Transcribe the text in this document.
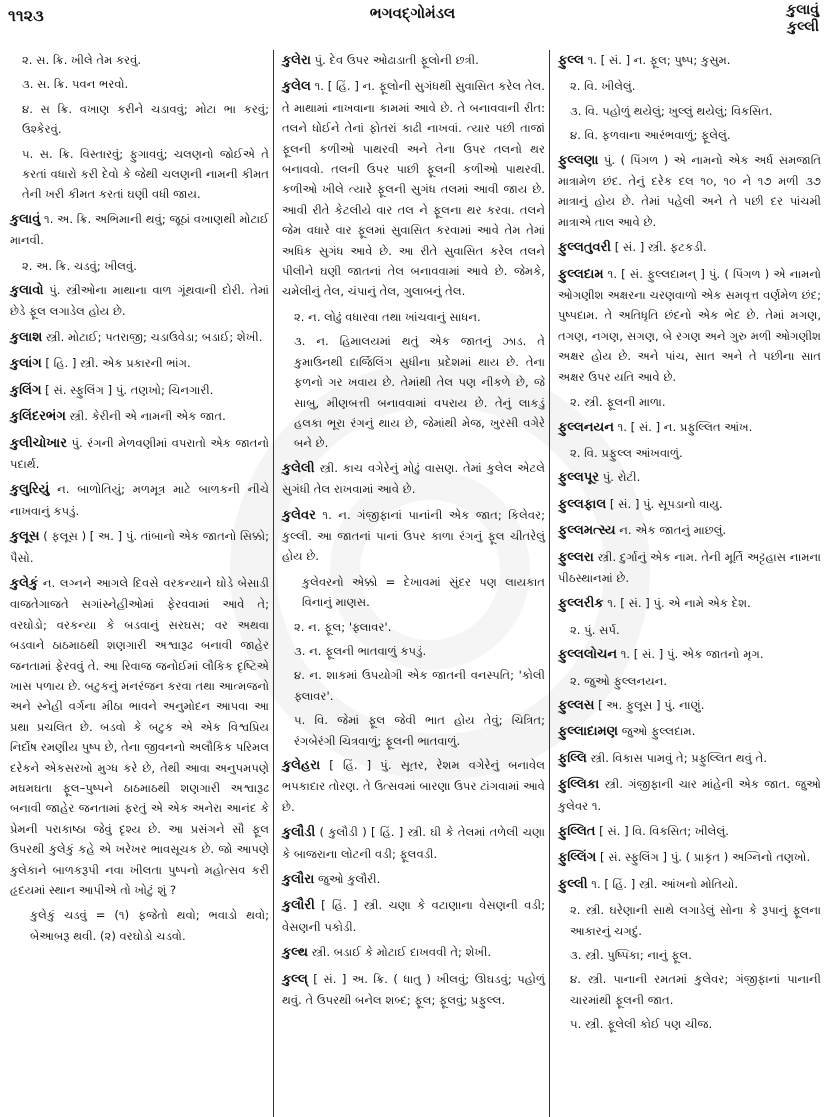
૧૧૨૩	ભગવદ્ગોમંડલ	કુલાવું
કુલ્લી
૨. સ. ક્રિ. ખીલે તેમ કરવું.
૩. સ. ક્રિ. પવન ભરવો.
૪. સ ક્રિ. વખાણ કરીને ચડાવવું; મોટા ભા કરવું; ઉશ્કેરવું.
૫. સ. ક્રિ. વિસ્તારવું; ફુગાવવું; ચલણનો જોઈએ તે કરતાં વધારો કરી દેવો કે જેથી ચલણની નામની કીમત તેની ખરી કીમત કરતાં ઘણી વધી જાય.
કુલાવું ૧. અ. ક્રિ. અભિમાની થવું; જૂઠાં વખાણથી મોટાઈ માનવી.
૨. અ. ક્રિ. ચડવું; ખીલવું.
કુલાવો પું. સ્ત્રીઓના માથાના વાળ ગૂંથવાની દોરી. તેમાં છેડે ફૂલ લગાડેલ હોય છે.
કુલાશ સ્ત્રી. મોટાઈ; પતરાજી; ચડાઉવેડા; બડાઈ; શેખી.
કુલાંગ [ હિ. ] સ્ત્રી. એક પ્રકારની ભાંગ.
કુલિંગ [ સં. સ્ફુલિંગ ] પું. તણખો; ચિનગારી.
કુલિંદરભંગ સ્ત્રી. કેરીની એ નામની એક જાત.
કુલીચોખાર પું. રંગની મેળવણીમાં વપરાતો એક જાતનો પદાર્થ.
કુલુરિયું ન. બાળોતિયું; મળમૂત્ર માટે બાળકની નીચે નાખવાનું કપડું.
કુલૂસ ( ફલૂસ ) [ અ. ] પું. તાંબાનો એક જાતનો સિક્કો; પૈસો.
કુલેકું ન. લગ્નને આગલે દિવસે વરકન્યાને ઘોડે બેસાડી વાજતેગાજતે સગાંસ્નેહીઓમાં ફેરવવામાં આવે તે; વરઘોડો; વરકન્યા કે બડવાનું સરઘસ; વર અથવા બડવાને ઠાઠમાઠથી શણગારી અશ્વારૂઢ બનાવી જાહેર જનતામાં ફેરવવું તે. આ રિવાજ જનોઈમાં લૌકિક દૃષ્ટિએ ખાસ પળાય છે. બટુકનું મનરંજન કરવા તથા આત્મજનો અને સ્નેહી વર્ગના મીઠા ભાવને અનુમોદન આપવા આ પ્રથા પ્રચલિત છે. બડવો કે બટુક એ એક વિશ્વપ્રિય નિર્દોષ રમણીય પુષ્પ છે, તેના જીવનનો અલૌકિક પરિમલ દરેકને એકસરખો મુગ્ધ કરે છે, તેથી આવા અનુપમપણે મઘમઘતા ફૂલ–પુષ્પને ઠાઠમાઠથી શણગારી અશ્વારૂઢ બનાવી જાહેર જનતામાં ફરતું એ એક અનેરા આનંદ કે પ્રેમની પરાકાષ્ઠા જેવું દૃશ્ય છે. આ પ્રસંગને સૌ ફૂલ ઉપરથી કુલેકું કહે એ ખરેખર ભાવસૂચક છે. જો આપણે કુલેકાને બાળકરૂપી નવા ખીલતા પુષ્પનો મહોત્સવ કરી હૃદયમાં સ્થાન આપીએ તો ખોટું શું ?
કુલેકું ચડવું = (૧) ફજેતો થવો; ભવાડો થવો; બેઆબરૂ થવી. (૨) વરઘોડો ચડવો.
કુલેરા પું. દેવ ઉપર ઓઢાડાતી ફૂલોની છત્રી.
કુલેલ ૧. [ હિં. ] ન. ફૂલોની સુગંધથી સુવાસિત કરેલ તેલ. તે માથામાં નાખવાના કામમાં આવે છે. તે બનાવવાની રીત: તલને ધોઈને તેનાં ફોતરાં કાઢી નાખવાં. ત્યાર પછી તાજાં ફૂલની કળીઓ પાથરવી અને તેના ઉપર તલનો થર બનાવવો. તલની ઉપર પાછી ફૂલની કળીઓ પાથરવી. કળીઓ ખીલે ત્યારે ફૂલની સુગંધ તલમાં આવી જાય છે. આવી રીતે કેટલીયે વાર તલ ને ફૂલના થર કરવા. તલને જેમ વધારે વાર ફૂલમાં સુવાસિત કરવામાં આવે તેમ તેમાં અધિક સુગંધ આવે છે. આ રીતે સુવાસિત કરેલ તલને પીલીને ઘણી જાતનાં તેલ બનાવવામાં આવે છે. જેમકે, ચમેલીનું તેલ, ચંપાનું તેલ, ગુલાબનું તેલ.
૨. ન. લોઢું વધારવા તથા ખાંચવાનું સાધન.
૩. ન. હિમાલયમાં થતું એક જાતનું ઝાડ. તે કુમાઉનથી દાર્જિલિંગ સુધીના પ્રદેશમાં થાય છે. તેના ફળનો ગર ખવાય છે. તેમાંથી તેલ પણ નીકળે છે, જે સાબુ, મીણબત્તી બનાવવામાં વપરાય છે. તેનું લાકડું હલકા ભૂરા રંગનું થાય છે, જેમાંથી મેજ, ખુરસી વગેરે બને છે.
કુલેલી સ્ત્રી. કાચ વગેરેનું મોઢું વાસણ. તેમાં કુલેલ એટલે સુગંધી તેલ રાખવામાં આવે છે.
કુલેવર ૧. ન. ગંજીફાનાં પાનાંની એક જાત; કિલેવર; કુલ્લી. આ જાતનાં પાનાં ઉપર કાળા રંગનું ફૂલ ચીતરેલું હોય છે.
કુલેવરનો એક્કો = દેખાવમાં સુંદર પણ લાયકાત વિનાનું માણસ.
૨. ન. ફૂલ; 'ફ્લાવર'.
૩. ન. ફૂલની ભાતવાળું કપડું.
૪. ન. શાકમાં ઉપયોગી એક જાતની વનસ્પતિ; 'કોલી ફ્લાવર'.
૫. વિ. જેમાં ફૂલ જેવી ભાત હોય તેવું; ચિત્રિત; રંગબેરંગી ચિત્રવાળું; ફૂલની ભાતવાળું.
કુલેહરા [ હિં. ] પું. સૂતર, રેશમ વગેરેનું બનાવેલ ભપકાદાર તોરણ. તે ઉત્સવમાં બારણા ઉપર ટાંગવામાં આવે છે.
કુલૌડી ( કુલૌડી ) [ હિં. ] સ્ત્રી. ઘી કે તેલમાં તળેલી ચણા કે બાજરાના લોટની વડી; ફૂલવડી.
કુલૌરા જુઓ કુલૌરી.
કુલૌરી [ હિં. ] સ્ત્રી. ચણા કે વટાણાના વેસણની વડી; વેસણની પકોડી.
કુલ્થ સ્ત્રી. બડાઈ કે મોટાઈ દાખવવી તે; શેખી.
કુલ્લ્ [ સં. ] અ. ક્રિ. ( ધાતુ ) ખીલવું; ઊઘડવું; પહોળું થવું. તે ઉપરથી બનેલ શબ્દ; ફૂલ; ફૂલવું; પ્રફુલ્લ.
ફુલ્લ ૧. [ સં. ] ન. ફૂલ; પુષ્પ; કુસુમ.
૨. વિ. ખીલેલું.
૩. વિ. પહોળું થયેલું; ખુલ્લું થયેલું; વિકસિત.
૪. વિ. ફળવાના આરંભવાળું; ફૂલેલું.
ફુલ્લણા પું. ( પિંગળ ) એ નામનો એક અર્ધ સમજાતિ માત્રામેળ છંદ. તેનું દરેક દલ ૧૦, ૧૦ ને ૧૭ મળી ૩૭ માત્રાનું હોય છે. તેમાં પહેલી અને તે પછી દર પાંચમી માત્રાએ તાલ આવે છે.
ફુલ્લતુવરી [ સં. ] સ્ત્રી. ફટકડી.
ફુલ્લદામ ૧. [ સં. ફુલ્લદામન્ ] પું. ( પિંગળ ) એ નામનો ઓગણીશ અક્ષરના ચરણવાળો એક સમવૃત્ત વર્ણમેળ છંદ; પુષ્પદામ. તે અતિધૃતિ છંદનો એક ભેદ છે. તેમાં મગણ, તગણ, નગણ, સગણ, બે રગણ અને ગુરુ મળી ઓગણીશ અક્ષર હોય છે. અને પાંચ, સાત અને તે પછીના સાત અક્ષર ઉપર યતિ આવે છે.
૨. સ્ત્રી. ફૂલની માળા.
ફુલ્લનયન ૧. [ સં. ] ન. પ્રફુલ્લિત આંખ.
૨. વિ. પ્રફુલ્લ આંખવાળું.
ફુલ્લપૂર પું. રોટી.
ફુલ્લફાલ [ સં. ] પું. સૂપડાનો વાયુ.
ફુલ્લમત્સ્ય ન. એક જાતનું માછલું.
ફુલ્લરા સ્ત્રી. દુર્ગાનું એક નામ. તેની મૂર્તિ અટ્ટહાસ નામના પીઠસ્થાનમાં છે.
ફુલ્લરીક ૧. [ સં. ] પું. એ નામે એક દેશ.
૨. પું. સર્પ.
ફુલ્લલોચન ૧. [ સં. ] પું. એક જાતનો મૃગ.
૨. જુઓ ફુલ્લનયન.
ફુલ્લસ [ અ. ફુલૂસ ] પું. નાણું.
ફુલ્લાદામણ જુઓ ફુલ્લદામ.
ફુલ્લિ સ્ત્રી. વિકાસ પામવું તે; પ્રફુલ્લિત થવું તે.
ફુલ્લિકા સ્ત્રી. ગંજીફાની ચાર માંહેની એક જાત. જુઓ કુલેવર ૧.
ફુલ્લિત [ સં. ] વિ. વિકસિત; ખીલેલું.
ફુલ્લિંગ [ સં. સ્ફુલિંગ ] પું. ( પ્રાકૃત ) અગ્નિનો તણખો.
ફુલ્લી ૧. [ હિં. ] સ્ત્રી. આંખનો મોતિયો.
૨. સ્ત્રી. ઘરેણાની સાથે લગાડેલું સોના કે રૂપાનું ફૂલના આકારનું ચગદું.
૩. સ્ત્રી. પુષ્પિકા; નાનું ફૂલ.
૪. સ્ત્રી. પાનાની રમતમાં કુલેવર; ગંજીફાનાં પાનાની ચારમાંથી ફૂલની જાત.
૫. સ્ત્રી. ફૂલેલી કોઈ પણ ચીજ.
